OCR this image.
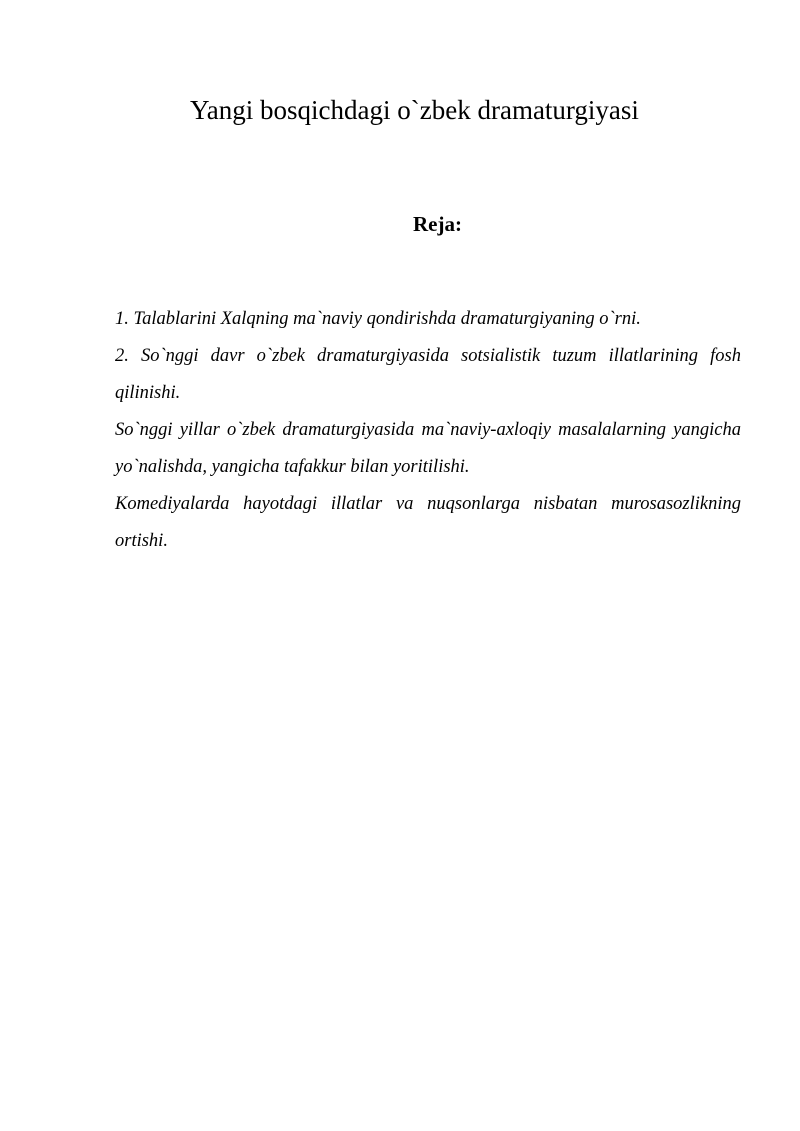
Yangi bosqichdagi o`zbek dramaturgiyasi
Reja:

1. Talablarini Xalqning ma`naviy qondirishda dramaturgiyaning o`rni.

2. So`nggi davr o`zbek dramaturgiyasida sotsialistik tuzum illatlarining fosh qilinishi.

So`nggi yillar o`zbek dramaturgiyasida ma`naviy-axloqiy masalalarning yangicha yo`nalishda, yangicha tafakkur bilan yoritilishi.

Komediyalarda hayotdagi illatlar va nuqsonlarga nisbatan murosasozlikning ortishi.
